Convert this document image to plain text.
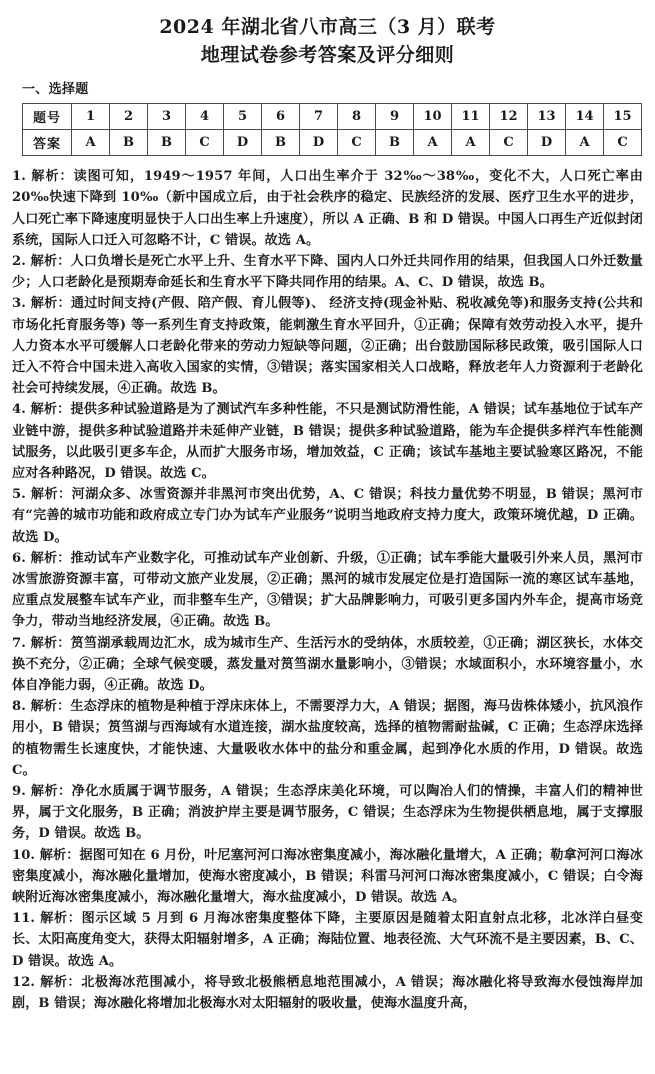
2024 年湖北省八市高三（3 月）联考
地理试卷参考答案及评分细则
一、选择题
题号	1	2	3	4	5	6	7	8	9	10	11	12	13	14	15
答案	A	B	B	C	D	B	D	C	B	A	A	C	D	A	C

1. 解析：读图可知，1949～1957 年间，人口出生率介于 32‰～38‰，变化不大，人口死亡率由 20‰快速下降到 10‰（新中国成立后，由于社会秩序的稳定、民族经济的发展、医疗卫生水平的进步，人口死亡率下降速度明显快于人口出生率上升速度），所以 A 正确、B 和 D 错误。中国人口再生产近似封闭系统，国际人口迁入可忽略不计，C 错误。故选 A。

2. 解析：人口负增长是死亡水平上升、生育水平下降、国内人口外迁共同作用的结果，但我国人口外迁数量少；人口老龄化是预期寿命延长和生育水平下降共同作用的结果。A、C、D 错误，故选 B。

3. 解析：通过时间支持(产假、陪产假、育儿假等)、 经济支持(现金补贴、税收减免等)和服务支持(公共和市场化托育服务等) 等一系列生育支持政策，能刺激生育水平回升，①正确；保障有效劳动投入水平，提升人力资本水平可缓解人口老龄化带来的劳动力短缺等问题，②正确；出台鼓励国际移民政策，吸引国际人口迁入不符合中国未进入高收入国家的实情，③错误；落实国家相关人口战略，释放老年人力资源利于老龄化社会可持续发展，④正确。故选 B。

4. 解析：提供多种试验道路是为了测试汽车多种性能，不只是测试防滑性能，A 错误；试车基地位于试车产业链中游，提供多种试验道路并未延伸产业链，B 错误；提供多种试验道路，能为车企提供多样汽车性能测试服务，以此吸引更多车企，从而扩大服务市场，增加效益，C 正确；该试车基地主要试验寒区路况，不能应对各种路况，D 错误。故选 C。

5. 解析：河湖众多、冰雪资源并非黑河市突出优势，A、C 错误；科技力量优势不明显，B 错误；黑河市有“完善的城市功能和政府成立专门办为试车产业服务”说明当地政府支持力度大，政策环境优越，D 正确。故选 D。

6. 解析：推动试车产业数字化，可推动试车产业创新、升级，①正确；试车季能大量吸引外来人员，黑河市冰雪旅游资源丰富，可带动文旅产业发展，②正确；黑河的城市发展定位是打造国际一流的寒区试车基地，应重点发展整车试车产业，而非整车生产，③错误；扩大品牌影响力，可吸引更多国内外车企，提高市场竞争力，带动当地经济发展，④正确。故选 B。

7. 解析：筼筜湖承载周边汇水，成为城市生产、生活污水的受纳体，水质较差，①正确；湖区狭长，水体交换不充分，②正确；全球气候变暖，蒸发量对筼筜湖水量影响小，③错误；水域面积小，水环境容量小，水体自净能力弱，④正确。故选 D。

8. 解析：生态浮床的植物是种植于浮床床体上，不需要浮力大，A 错误；据图，海马齿株体矮小，抗风浪作用小，B 错误；筼筜湖与西海域有水道连接，湖水盐度较高，选择的植物需耐盐碱，C 正确；生态浮床选择的植物需生长速度快，才能快速、大量吸收水体中的盐分和重金属，起到净化水质的作用，D 错误。故选 C。

9. 解析：净化水质属于调节服务，A 错误；生态浮床美化环境，可以陶冶人们的情操，丰富人们的精神世界，属于文化服务，B 正确；消波护岸主要是调节服务，C 错误；生态浮床为生物提供栖息地，属于支撑服务，D 错误。故选 B。

10. 解析：据图可知在 6 月份，叶尼塞河河口海冰密集度减小，海冰融化量增大，A 正确；勒拿河河口海冰密集度减小，海冰融化量增加，使海水密度减小，B 错误；科雷马河河口海冰密集度减小，C 错误；白令海峡附近海冰密集度减小，海冰融化量增大，海水盐度减小，D 错误。故选 A。

11. 解析：图示区域 5 月到 6 月海冰密集度整体下降，主要原因是随着太阳直射点北移，北冰洋白昼变长、太阳高度角变大，获得太阳辐射增多，A 正确；海陆位置、地表径流、大气环流不是主要因素，B、C、D 错误。故选 A。

12. 解析：北极海冰范围减小，将导致北极熊栖息地范围减小，A 错误；海冰融化将导致海水侵蚀海岸加剧，B 错误；海冰融化将增加北极海水对太阳辐射的吸收量，使海水温度升高，
